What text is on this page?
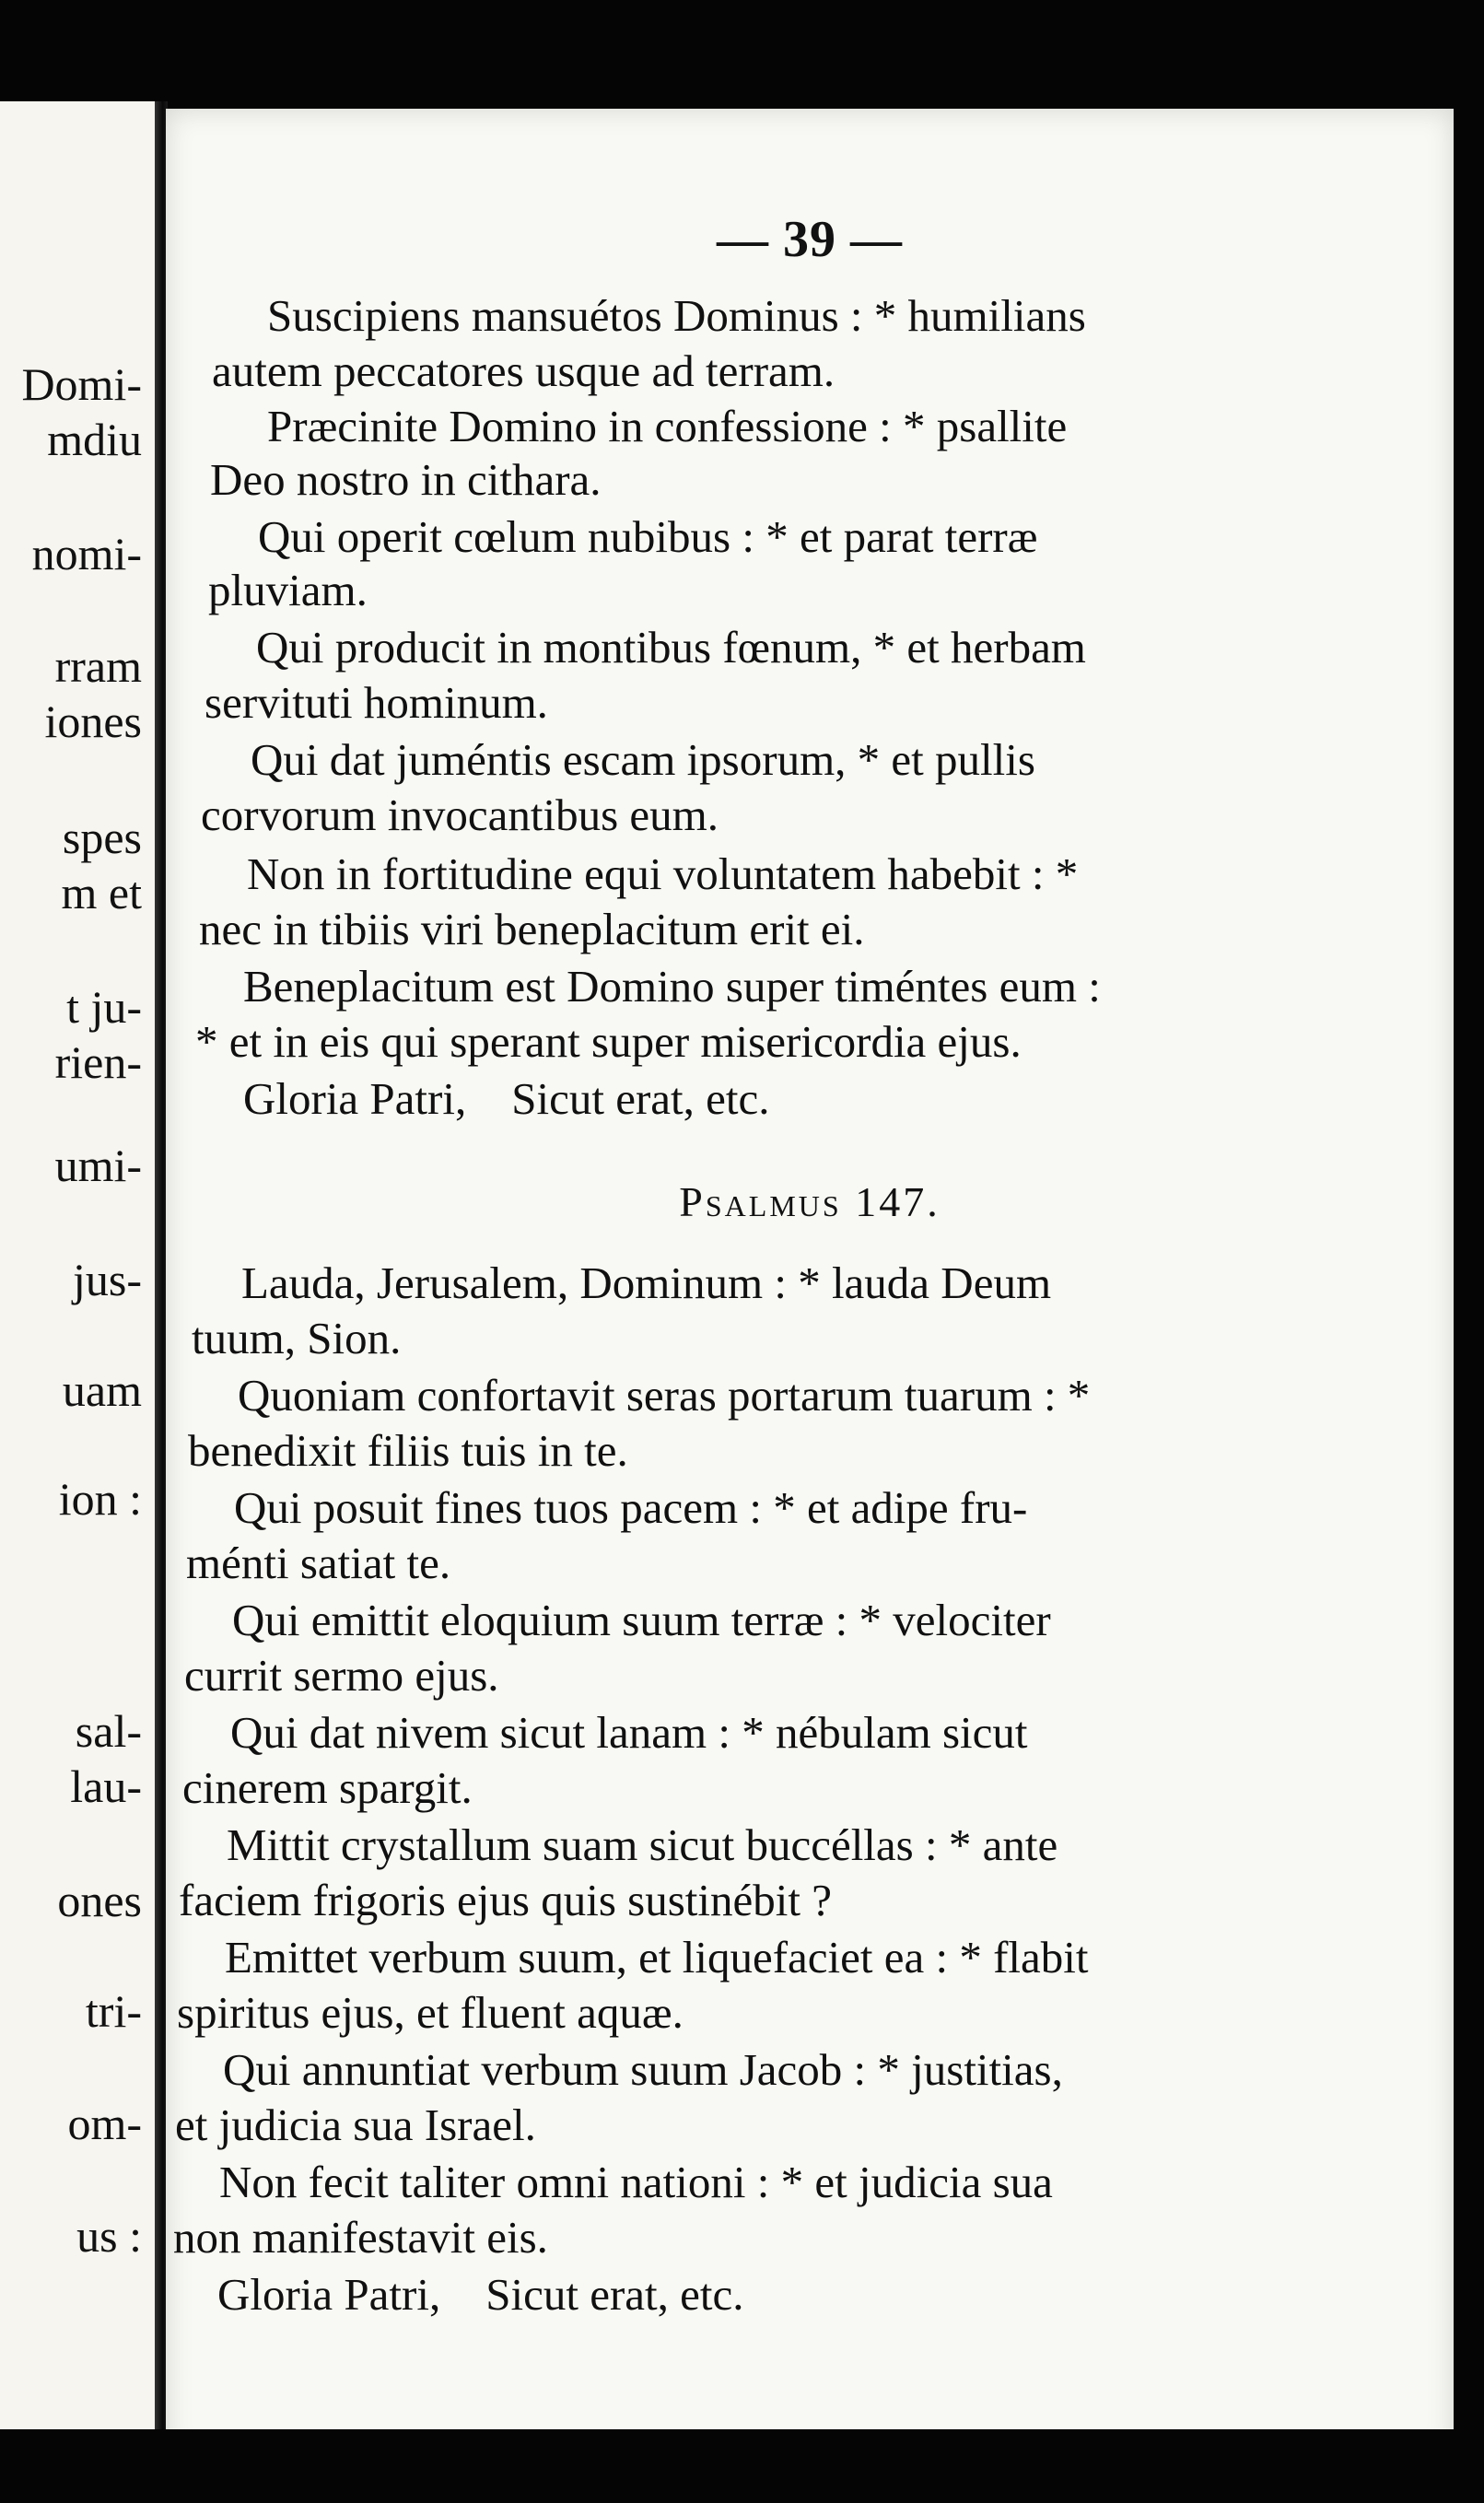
Domi-
mdiu
nomi-
rram
iones
spes
m et
t ju-
rien-
umi-
jus-
uam
ion :
sal-
lau-
ones
tri-
om-
us :
— 39 —
Suscipiens mansuétos Dominus : * humilians
autem peccatores usque ad terram.
Præcinite Domino in confessione : * psallite
Deo nostro in cithara.
Qui operit cœlum nubibus : * et parat terræ
pluviam.
Qui producit in montibus fœnum, * et herbam
servituti hominum.
Qui dat juméntis escam ipsorum, * et pullis
corvorum invocantibus eum.
Non in fortitudine equi voluntatem habebit : *
nec in tibiis viri beneplacitum erit ei.
Beneplacitum est Domino super timéntes eum :
* et in eis qui sperant super misericordia ejus.
Gloria Patri,    Sicut erat, etc.
Psalmus 147.
Lauda, Jerusalem, Dominum : * lauda Deum
tuum, Sion.
Quoniam confortavit seras portarum tuarum : *
benedixit filiis tuis in te.
Qui posuit fines tuos pacem : * et adipe fru-
ménti satiat te.
Qui emittit eloquium suum terræ : * velociter
currit sermo ejus.
Qui dat nivem sicut lanam : * nébulam sicut
cinerem spargit.
Mittit crystallum suam sicut buccéllas : * ante
faciem frigoris ejus quis sustinébit ?
Emittet verbum suum, et liquefaciet ea : * flabit
spiritus ejus, et fluent aquæ.
Qui annuntiat verbum suum Jacob : * justitias,
et judicia sua Israel.
Non fecit taliter omni nationi : * et judicia sua
non manifestavit eis.
Gloria Patri,    Sicut erat, etc.
